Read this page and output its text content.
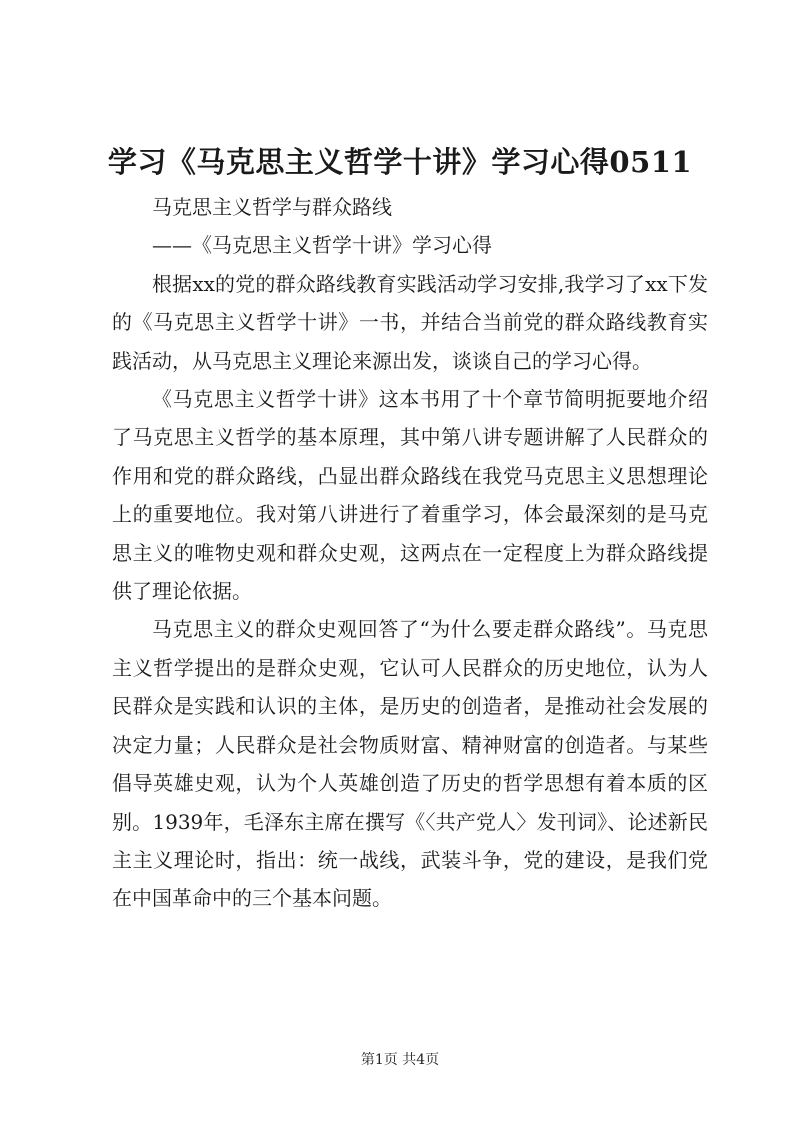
学习《马克思主义哲学十讲》学习心得0511

马克思主义哲学与群众路线

——《马克思主义哲学十讲》学习心得

根据xx的党的群众路线教育实践活动学习安排,我学习了xx下发的《马克思主义哲学十讲》一书，并结合当前党的群众路线教育实践活动，从马克思主义理论来源出发，谈谈自己的学习心得。

《马克思主义哲学十讲》这本书用了十个章节简明扼要地介绍了马克思主义哲学的基本原理，其中第八讲专题讲解了人民群众的作用和党的群众路线，凸显出群众路线在我党马克思主义思想理论上的重要地位。我对第八讲进行了着重学习，体会最深刻的是马克思主义的唯物史观和群众史观，这两点在一定程度上为群众路线提供了理论依据。

马克思主义的群众史观回答了“为什么要走群众路线”。马克思主义哲学提出的是群众史观，它认可人民群众的历史地位，认为人民群众是实践和认识的主体，是历史的创造者，是推动社会发展的决定力量；人民群众是社会物质财富、精神财富的创造者。与某些倡导英雄史观，认为个人英雄创造了历史的哲学思想有着本质的区别。1939年，毛泽东主席在撰写《〈共产党人〉发刊词》、论述新民主主义理论时，指出：统一战线，武装斗争，党的建设，是我们党在中国革命中的三个基本问题。

第1页 共4页
